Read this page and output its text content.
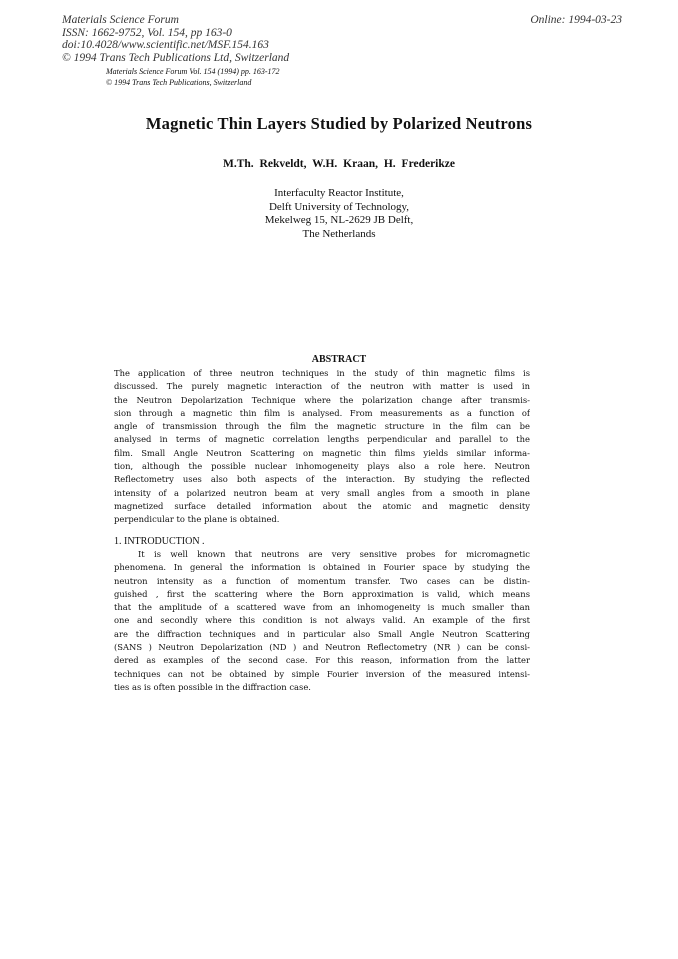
Materials Science Forum
ISSN: 1662-9752, Vol. 154, pp 163-0
doi:10.4028/www.scientific.net/MSF.154.163
© 1994 Trans Tech Publications Ltd, Switzerland
Online: 1994-03-23
Materials Science Forum Vol. 154 (1994) pp. 163-172
© 1994 Trans Tech Publications, Switzerland
Magnetic Thin Layers Studied by Polarized Neutrons
M.Th. Rekveldt, W.H. Kraan, H. Frederikze
Interfaculty Reactor Institute,
Delft University of Technology,
Mekelweg 15, NL-2629 JB Delft,
The Netherlands
ABSTRACT
The application of three neutron techniques in the study of thin magnetic films is
discussed. The purely magnetic interaction of the neutron with matter is used in
the Neutron Depolarization Technique where the polarization change after transmis-
sion through a magnetic thin film is analysed. From measurements as a function of
angle of transmission through the film the magnetic structure in the film can be
analysed in terms of magnetic correlation lengths perpendicular and parallel to the
film. Small Angle Neutron Scattering on magnetic thin films yields similar informa-
tion, although the possible nuclear inhomogeneity plays also a role here. Neutron
Reflectometry uses also both aspects of the interaction. By studying the reflected
intensity of a polarized neutron beam at very small angles from a smooth in plane
magnetized surface detailed information about the atomic and magnetic density
perpendicular to the plane is obtained.
1. INTRODUCTION .
It is well known that neutrons are very sensitive probes for micromagnetic
phenomena. In general the information is obtained in Fourier space by studying the
neutron intensity as a function of momentum transfer. Two cases can be distin-
guished , first the scattering where the Born approximation is valid, which means
that the amplitude of a scattered wave from an inhomogeneity is much smaller than
one and secondly where this condition is not always valid. An example of the first
are the diffraction techniques and in particular also Small Angle Neutron Scattering
(SANS ) Neutron Depolarization (ND ) and Neutron Reflectometry (NR ) can be consi-
dered as examples of the second case. For this reason, information from the latter
techniques can not be obtained by simple Fourier inversion of the measured intensi-
ties as is often possible in the diffraction case.
